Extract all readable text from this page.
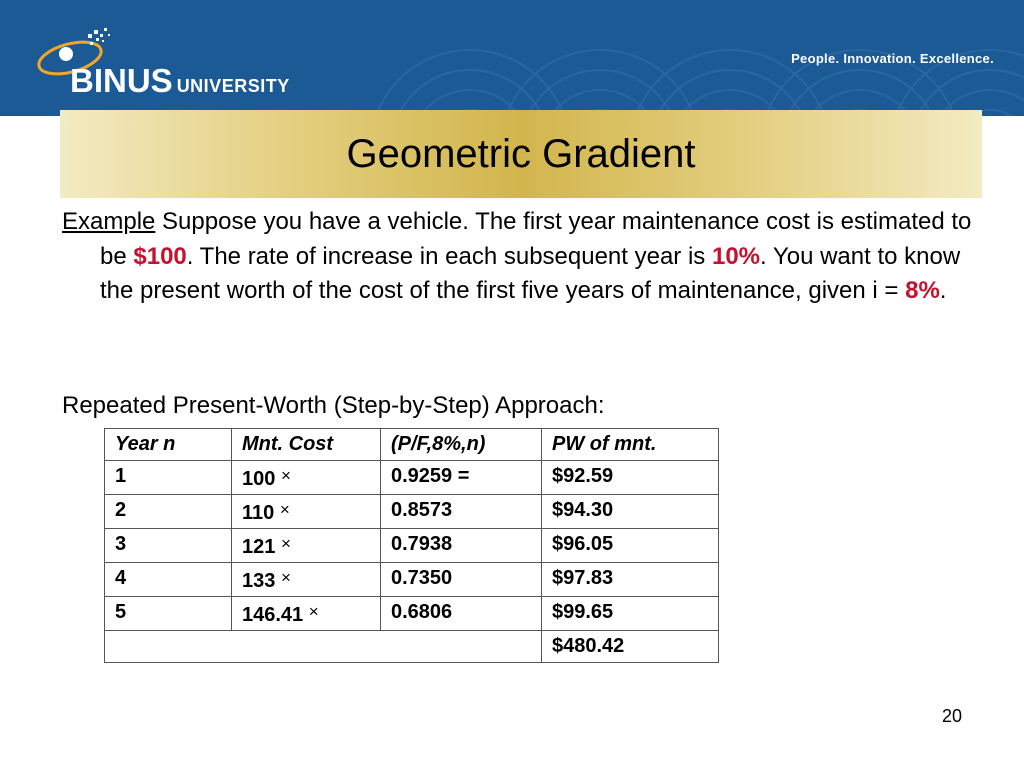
BINUS UNIVERSITY
People. Innovation. Excellence.
Geometric Gradient

Example Suppose you have a vehicle. The first year maintenance cost is estimated to be $100. The rate of increase in each subsequent year is 10%. You want to know the present worth of the cost of the first five years of maintenance, given i = 8%.

Repeated Present-Worth (Step-by-Step) Approach:
Year n	Mnt. Cost	(P/F,8%,n)	PW of mnt.
1	100 ×	0.9259 =	$92.59
2	110 ×	0.8573	$94.30
3	121 ×	0.7938	$96.05
4	133 ×	0.7350	$97.83
5	146.41 ×	0.6806	$99.65
			$480.42
20
